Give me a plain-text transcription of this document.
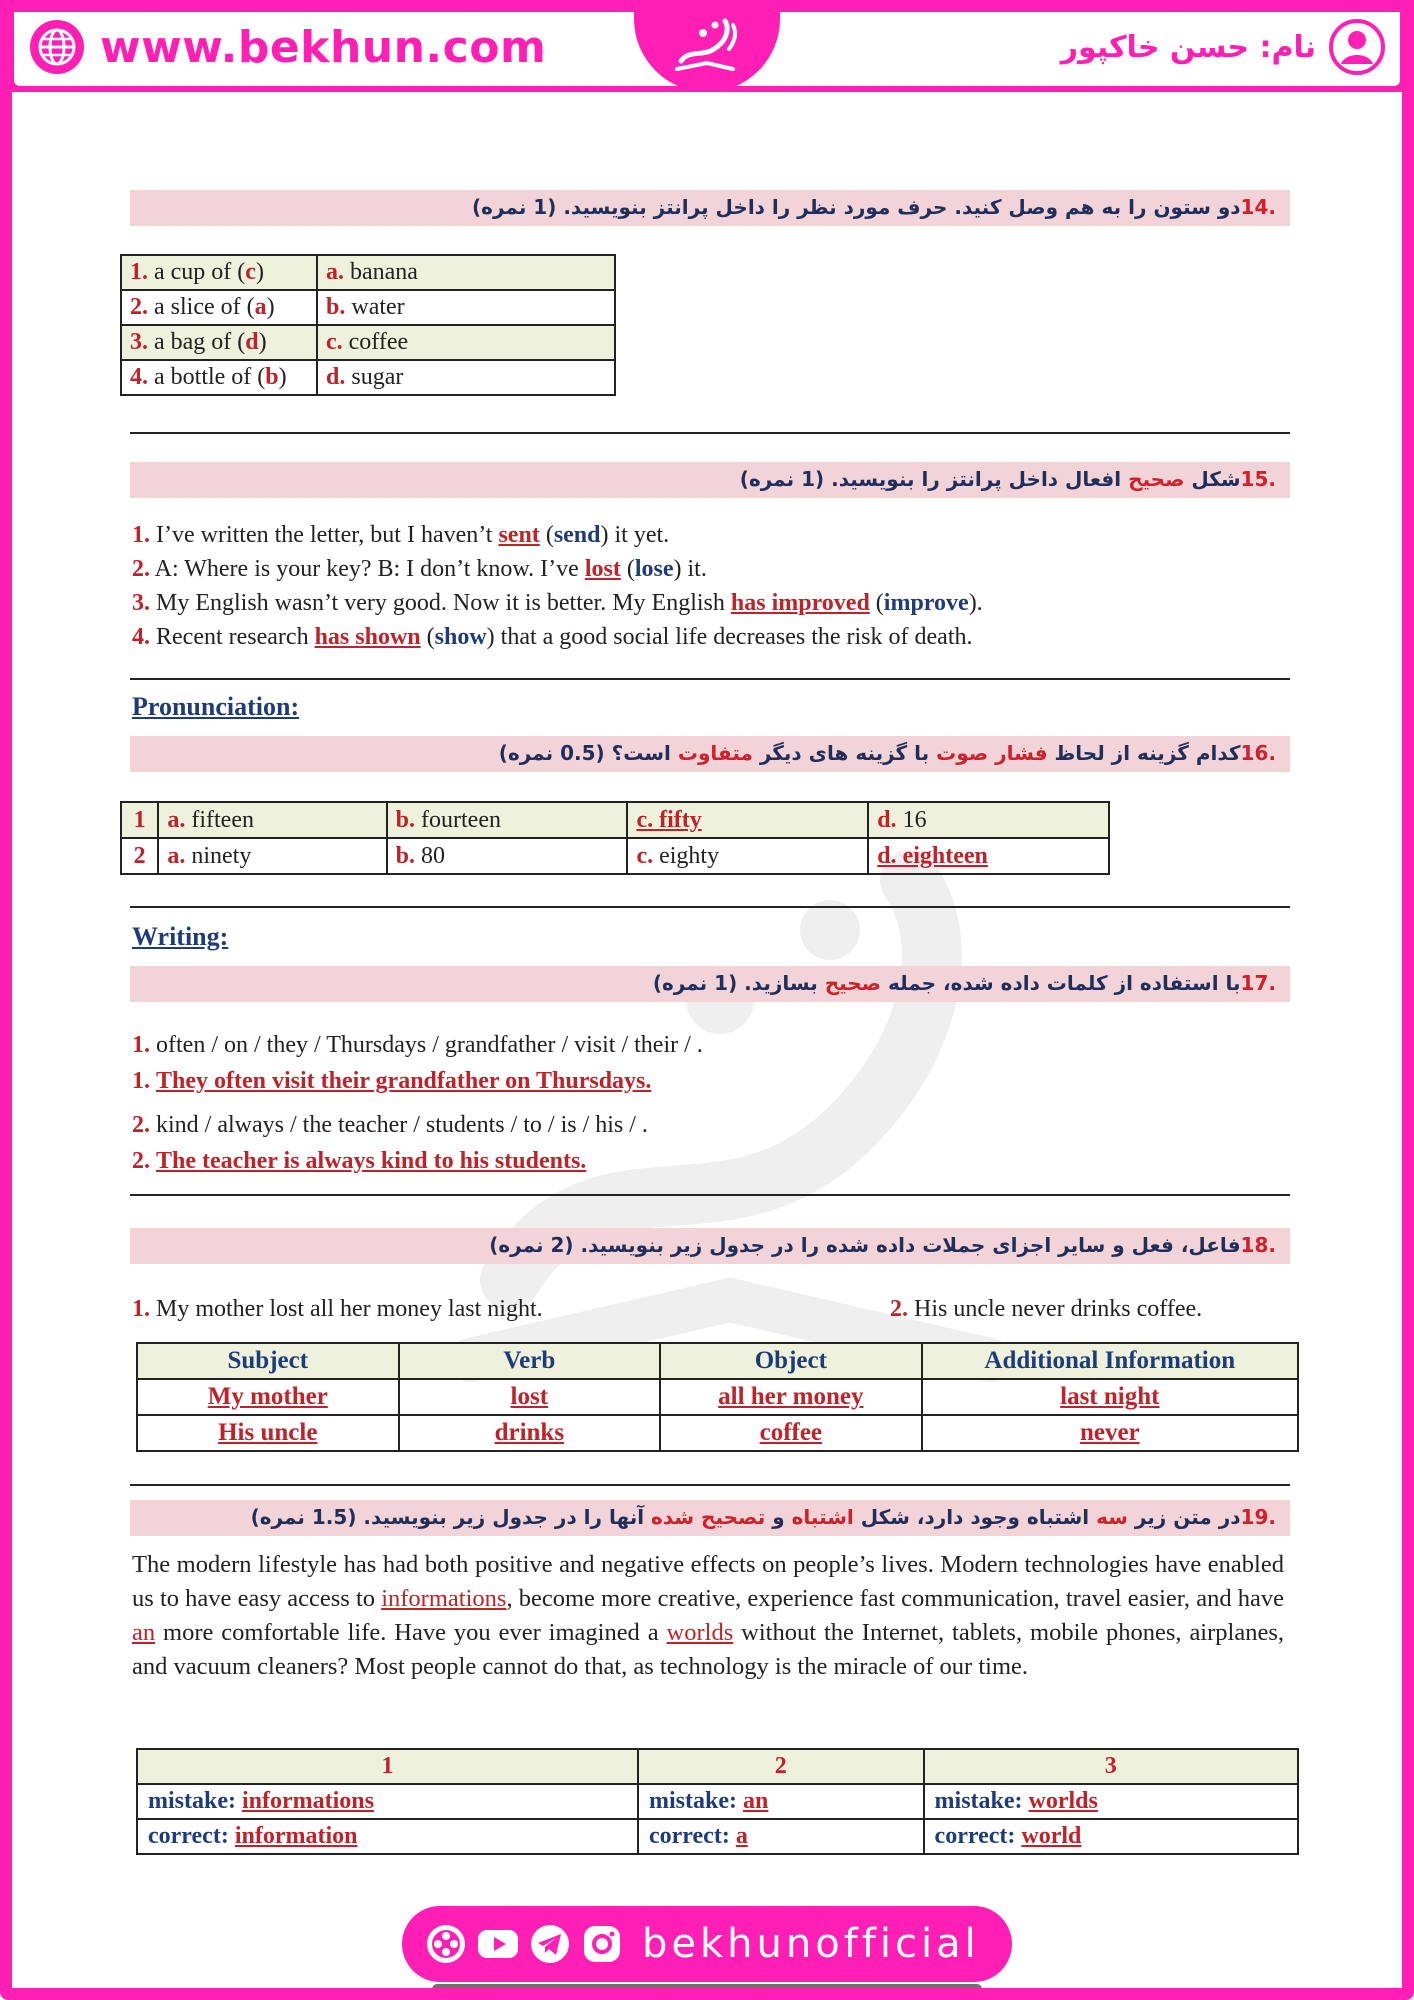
www.bekhun.com	نام: حسن خاکپور
.14دو ستون را به هم وصل کنید. حرف مورد نظر را داخل پرانتز بنویسید. (1 نمره)
1. a cup of (c)	a. banana
2. a slice of (a)	b. water
3. a bag of (d)	c. coffee
4. a bottle of (b)	d. sugar
.15شکل صحیح افعال داخل پرانتز را بنویسید. (1 نمره)
1. I’ve written the letter, but I haven’t sent (send) it yet.
2. A: Where is your key? B: I don’t know. I’ve lost (lose) it.
3. My English wasn’t very good. Now it is better. My English has improved (improve).
4. Recent research has shown (show) that a good social life decreases the risk of death.
Pronunciation:
.16کدام گزینه از لحاظ فشار صوت با گزینه های دیگر متفاوت است؟ (0.5 نمره)
1	a. fifteen	b. fourteen	c. fifty	d. 16
2	a. ninety	b. 80	c. eighty	d. eighteen
Writing:
.17با استفاده از کلمات داده شده، جمله صحیح بسازید. (1 نمره)
1. often / on / they / Thursdays / grandfather / visit / their / .
1. They often visit their grandfather on Thursdays.
2. kind / always / the teacher / students / to / is / his / .
2. The teacher is always kind to his students.
.18فاعل، فعل و سایر اجزای جملات داده شده را در جدول زیر بنویسید. (2 نمره)
1. My mother lost all her money last night.	2. His uncle never drinks coffee.
Subject	Verb	Object	Additional Information
My mother	lost	all her money	last night
His uncle	drinks	coffee	never
.19در متن زیر سه اشتباه وجود دارد، شکل اشتباه و تصحیح شده آنها را در جدول زیر بنویسید. (1.5 نمره)
The modern lifestyle has had both positive and negative effects on people’s lives. Modern technologies have enabled us to have easy access to informations, become more creative, experience fast communication, travel easier, and have an more comfortable life. Have you ever imagined a worlds without the Internet, tablets, mobile phones, airplanes, and vacuum cleaners? Most people cannot do that, as technology is the miracle of our time.
1	2	3
mistake: informations	mistake: an	mistake: worlds
correct: information	correct: a	correct: world
bekhunofficial
